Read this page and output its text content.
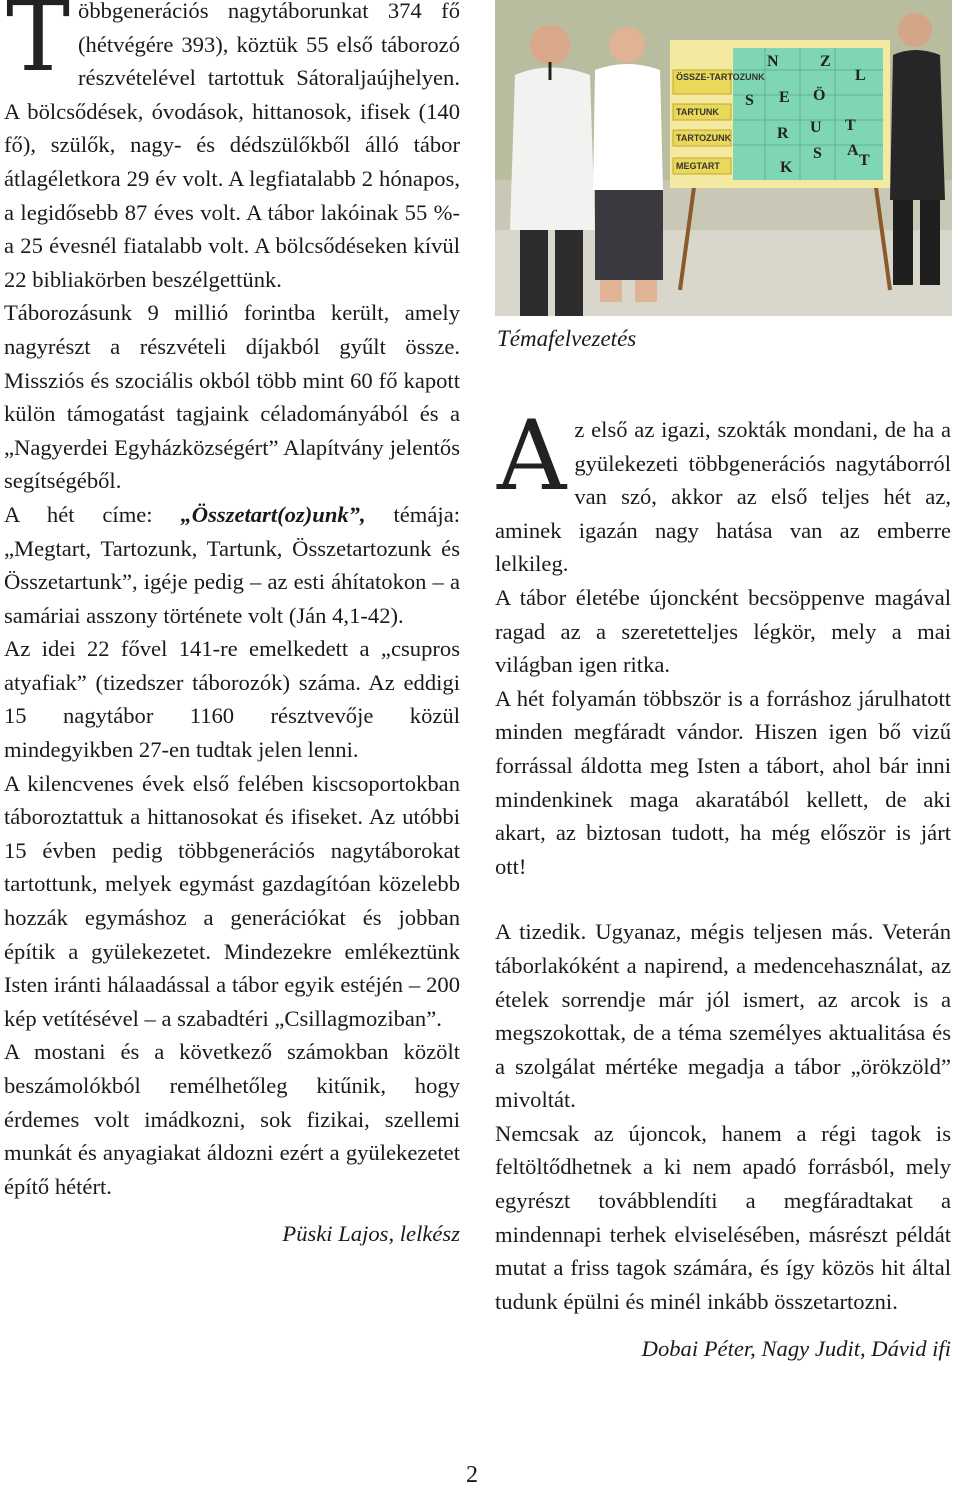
Többgenerációs nagytáborunkat 374 fő (hétvégére 393), köztük 55 első táborozó részvételével tartottuk Sátoraljaújhelyen. A bölcsődések, óvodások, hittanosok, ifisek (140 fő), szülők, nagy- és dédszülőkből álló tábor átlagéletkora 29 év volt. A legfiatalabb 2 hónapos, a legidősebb 87 éves volt. A tábor lakóinak 55 %-a 25 évesnél fiatalabb volt. A bölcsődéseken kívül 22 bibliakörben beszélgettünk.

Táborozásunk 9 millió forintba került, amely nagyrészt a részvételi díjakból gyűlt össze. Missziós és szociális okból több mint 60 fő kapott külön támogatást tagjaink céladományából és a „Nagyerdei Egyházközségért” Alapítvány jelentős segítségéből.

A hét címe: „Összetart(oz)unk”, témája: „Megtart, Tartozunk, Tartunk, Összetartozunk és Összetartunk”, igéje pedig – az esti áhítatokon – a samáriai asszony története volt (Ján 4,1-42).

Az idei 22 fővel 141-re emelkedett a „csupros atyafiak” (tizedszer táborozók) száma. Az eddigi 15 nagytábor 1160 résztvevője közül mindegyikben 27-en tudtak jelen lenni.

A kilencvenes évek első felében kiscsoportokban táboroztattuk a hittanosokat és ifiseket. Az utóbbi 15 évben pedig többgenerációs nagytáborokat tartottunk, melyek egymást gazdagítóan közelebb hozzák egymáshoz a generációkat és jobban építik a gyülekezetet. Mindezekre emlékeztünk Isten iránti hálaadással a tábor egyik estéjén – 200 kép vetítésével – a szabadtéri „Csillagmoziban”.

A mostani és a következő számokban közölt beszámolókból remélhetőleg kitűnik, hogy érdemes volt imádkozni, sok fizikai, szellemi munkát és anyagiakat áldozni ezért a gyülekezetet építő hétért.

Püski Lajos, lelkész

ÖSSZE-TARTOZUNK
TARTUNK
TARTOZUNK
MEGTART
S E Ö
R U T
S A
K
Z
N
L
T
Témafelvezetés

Az első az igazi, szokták mondani, de ha a gyülekezeti többgenerációs nagytáborról van szó, akkor az első teljes hét az, aminek igazán nagy hatása van az emberre lelkileg.

A tábor életébe újoncként becsöppenve magával ragad az a szeretetteljes légkör, mely a mai világban igen ritka.

A hét folyamán többször is a forráshoz járulhatott minden megfáradt vándor. Hiszen igen bő vizű forrással áldotta meg Isten a tábort, ahol bár inni mindenkinek maga akaratából kellett, de aki akart, az biztosan tudott, ha még először is járt ott!

A tizedik. Ugyanaz, mégis teljesen más. Veterán táborlakóként a napirend, a medencehasználat, az ételek sorrendje már jól ismert, az arcok is a megszokottak, de a téma személyes aktualitása és a szolgálat mértéke megadja a tábor „örökzöld” mivoltát.

Nemcsak az újoncok, hanem a régi tagok is feltöltődhetnek a ki nem apadó forrásból, mely egyrészt továbblendíti a megfáradtakat a mindennapi terhek elviselésében, másrészt példát mutat a friss tagok számára, és így közös hit által tudunk épülni és minél inkább összetartozni.

Dobai Péter, Nagy Judit, Dávid ifi

2
